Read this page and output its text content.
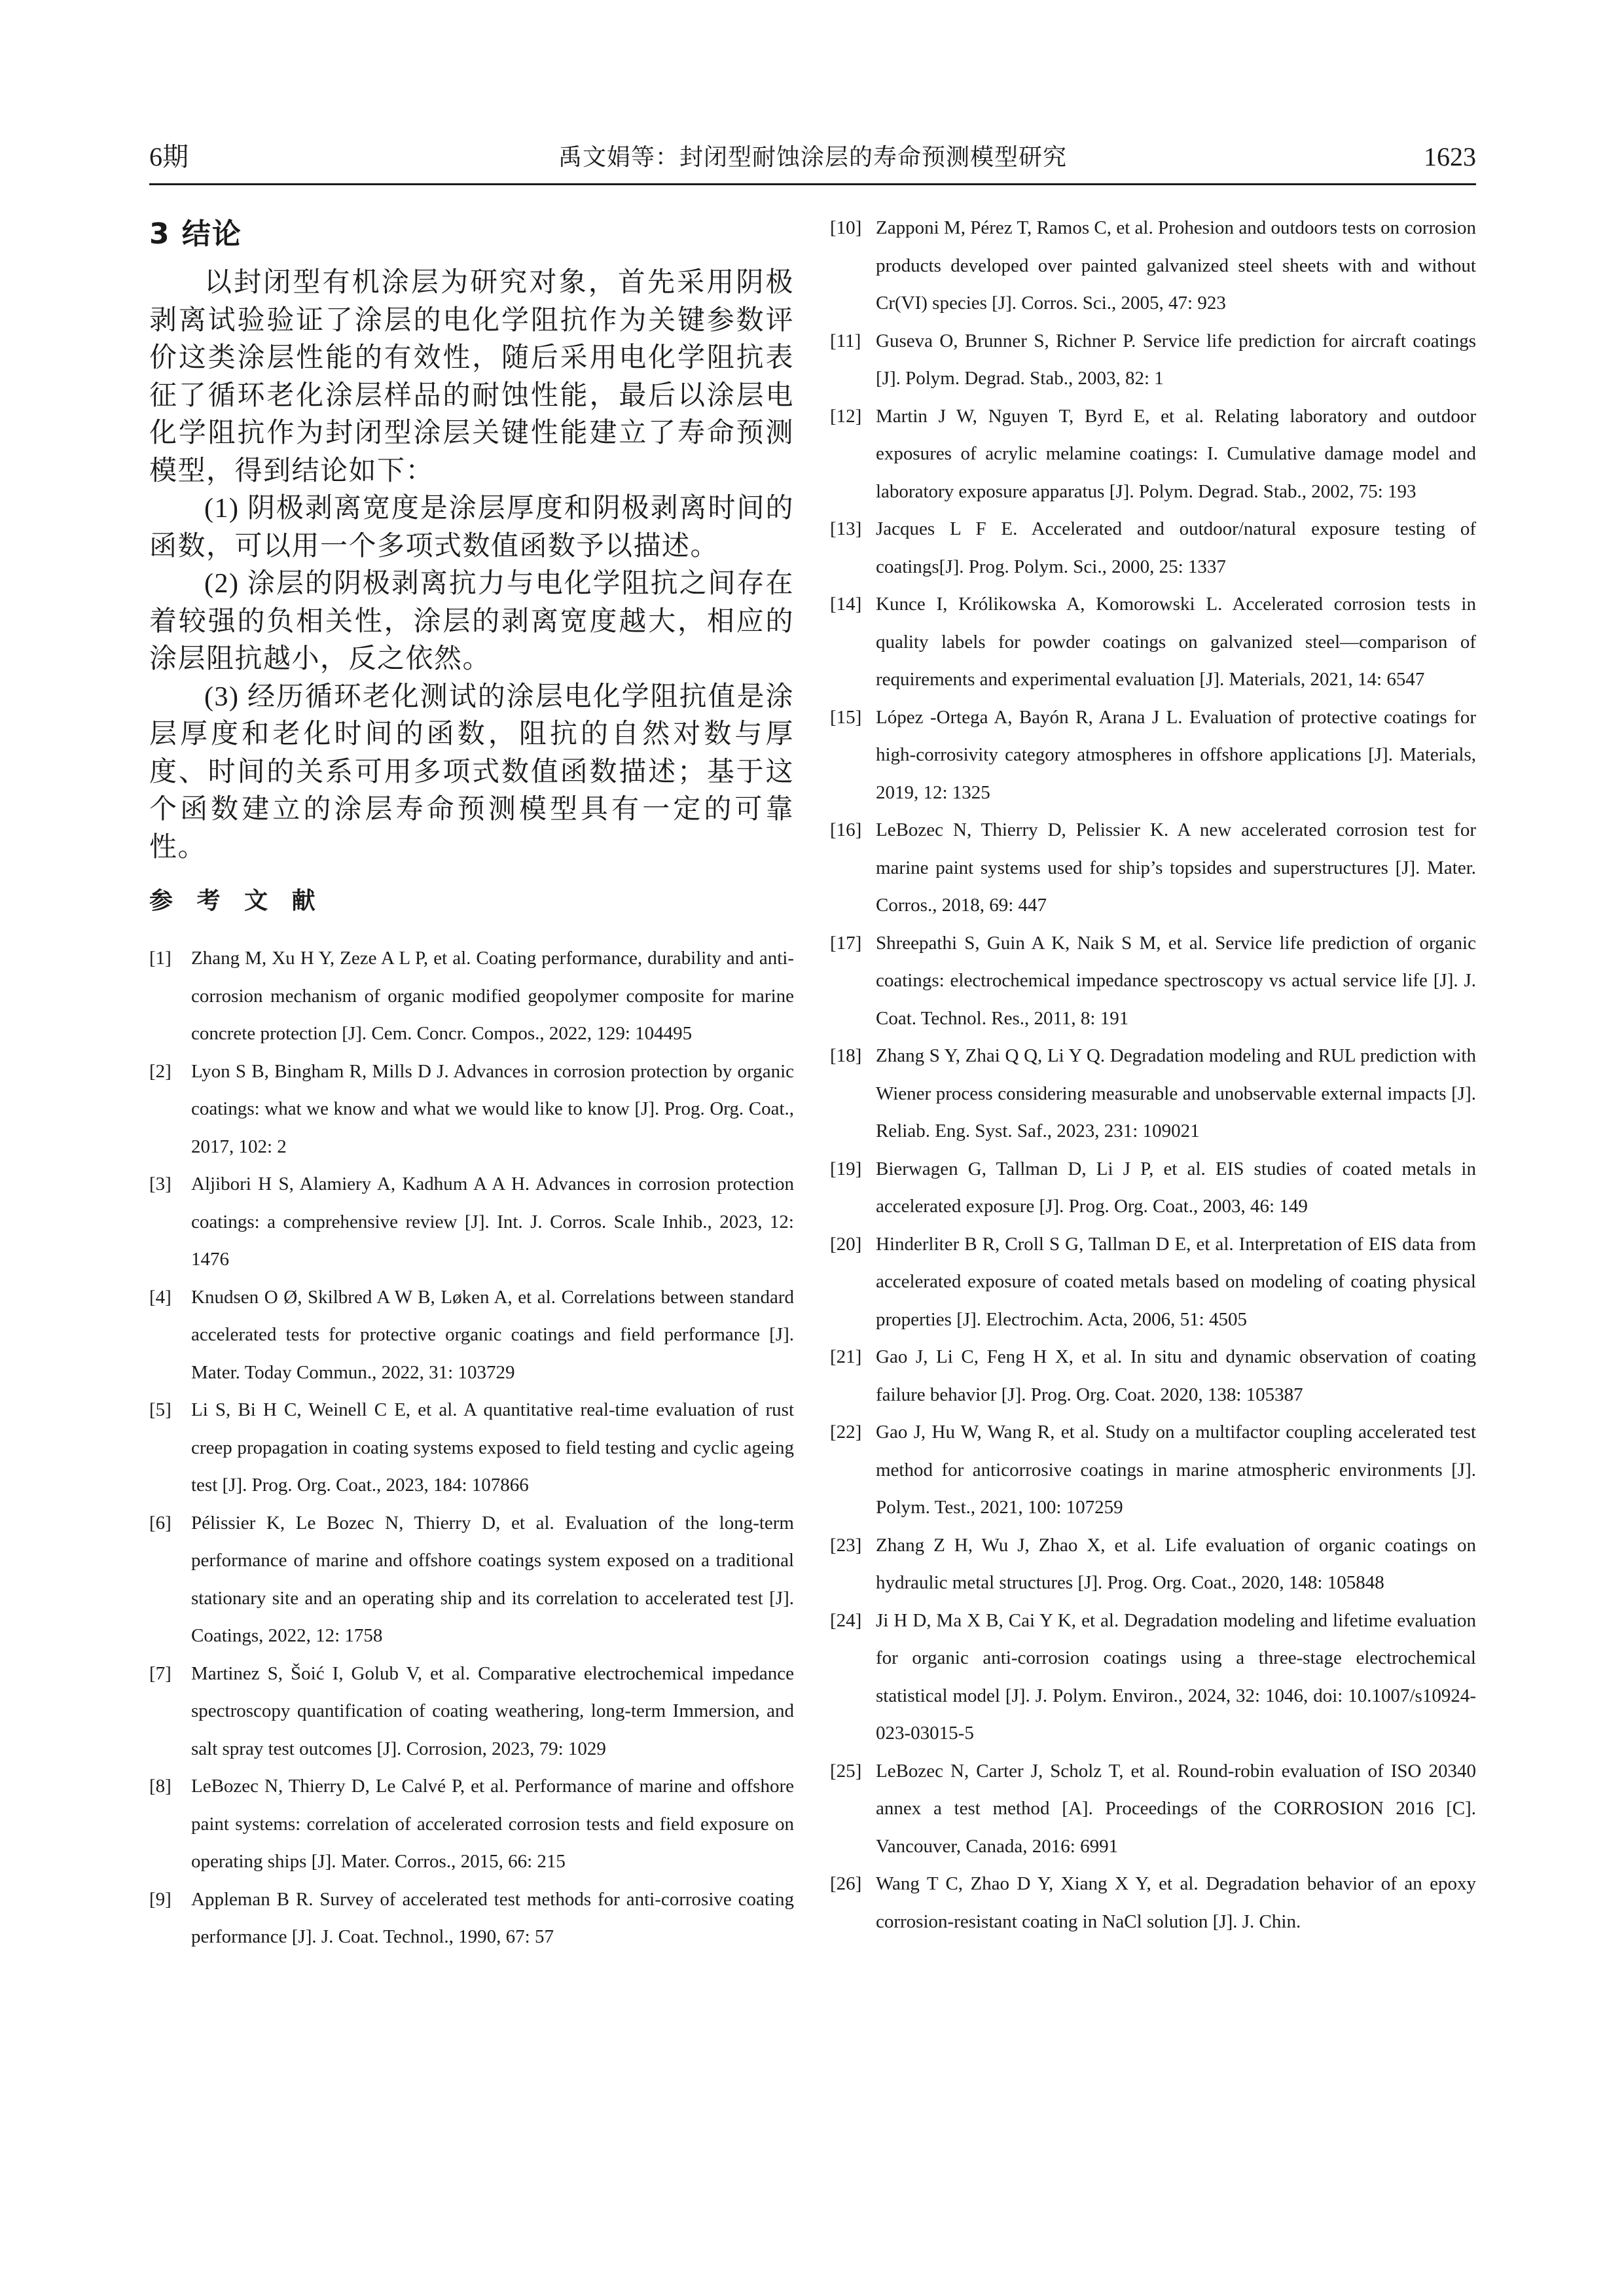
6期	禹文娟等：封闭型耐蚀涂层的寿命预测模型研究	1623
3 结论

以封闭型有机涂层为研究对象，首先采用阴极剥离试验验证了涂层的电化学阻抗作为关键参数评价这类涂层性能的有效性，随后采用电化学阻抗表征了循环老化涂层样品的耐蚀性能，最后以涂层电化学阻抗作为封闭型涂层关键性能建立了寿命预测模型，得到结论如下：

(1) 阴极剥离宽度是涂层厚度和阴极剥离时间的函数，可以用一个多项式数值函数予以描述。

(2) 涂层的阴极剥离抗力与电化学阻抗之间存在着较强的负相关性，涂层的剥离宽度越大，相应的涂层阻抗越小，反之依然。

(3) 经历循环老化测试的涂层电化学阻抗值是涂层厚度和老化时间的函数，阻抗的自然对数与厚度、时间的关系可用多项式数值函数描述；基于这个函数建立的涂层寿命预测模型具有一定的可靠性。

参 考 文 献
[1]	Zhang M, Xu H Y, Zeze A L P, et al. Coating performance, durability and anti-corrosion mechanism of organic modified geopolymer composite for marine concrete protection [J]. Cem. Concr. Compos., 2022, 129: 104495
[2]	Lyon S B, Bingham R, Mills D J. Advances in corrosion protection by organic coatings: what we know and what we would like to know [J]. Prog. Org. Coat., 2017, 102: 2
[3]	Aljibori H S, Alamiery A, Kadhum A A H. Advances in corrosion protection coatings: a comprehensive review [J]. Int. J. Corros. Scale Inhib., 2023, 12: 1476
[4]	Knudsen O Ø, Skilbred A W B, Løken A, et al. Correlations between standard accelerated tests for protective organic coatings and field performance [J]. Mater. Today Commun., 2022, 31: 103729
[5]	Li S, Bi H C, Weinell C E, et al. A quantitative real-time evaluation of rust creep propagation in coating systems exposed to field testing and cyclic ageing test [J]. Prog. Org. Coat., 2023, 184: 107866
[6]	Pélissier K, Le Bozec N, Thierry D, et al. Evaluation of the long-term performance of marine and offshore coatings system exposed on a traditional stationary site and an operating ship and its correlation to accelerated test [J]. Coatings, 2022, 12: 1758
[7]	Martinez S, Šoić I, Golub V, et al. Comparative electrochemical impedance spectroscopy quantification of coating weathering, long-term Immersion, and salt spray test outcomes [J]. Corrosion, 2023, 79: 1029
[8]	LeBozec N, Thierry D, Le Calvé P, et al. Performance of marine and offshore paint systems: correlation of accelerated corrosion tests and field exposure on operating ships [J]. Mater. Corros., 2015, 66: 215
[9]	Appleman B R. Survey of accelerated test methods for anti-corrosive coating performance [J]. J. Coat. Technol., 1990, 67: 57
[10] Zapponi M, Pérez T, Ramos C, et al. Prohesion and outdoors tests on corrosion products developed over painted galvanized steel sheets with and without Cr(VI) species [J]. Corros. Sci., 2005, 47: 923
[11] Guseva O, Brunner S, Richner P. Service life prediction for aircraft coatings [J]. Polym. Degrad. Stab., 2003, 82: 1
[12] Martin J W, Nguyen T, Byrd E, et al. Relating laboratory and outdoor exposures of acrylic melamine coatings: I. Cumulative damage model and laboratory exposure apparatus [J]. Polym. Degrad. Stab., 2002, 75: 193
[13] Jacques L F E. Accelerated and outdoor/natural exposure testing of coatings[J]. Prog. Polym. Sci., 2000, 25: 1337
[14] Kunce I, Królikowska A, Komorowski L. Accelerated corrosion tests in quality labels for powder coatings on galvanized steel—comparison of requirements and experimental evaluation [J]. Materials, 2021, 14: 6547
[15] López -Ortega A, Bayón R, Arana J L. Evaluation of protective coatings for high-corrosivity category atmospheres in offshore applications [J]. Materials, 2019, 12: 1325
[16] LeBozec N, Thierry D, Pelissier K. A new accelerated corrosion test for marine paint systems used for ship’s topsides and superstructures [J]. Mater. Corros., 2018, 69: 447
[17] Shreepathi S, Guin A K, Naik S M, et al. Service life prediction of organic coatings: electrochemical impedance spectroscopy vs actual service life [J]. J. Coat. Technol. Res., 2011, 8: 191
[18] Zhang S Y, Zhai Q Q, Li Y Q. Degradation modeling and RUL prediction with Wiener process considering measurable and unobservable external impacts [J]. Reliab. Eng. Syst. Saf., 2023, 231: 109021
[19] Bierwagen G, Tallman D, Li J P, et al. EIS studies of coated metals in accelerated exposure [J]. Prog. Org. Coat., 2003, 46: 149
[20] Hinderliter B R, Croll S G, Tallman D E, et al. Interpretation of EIS data from accelerated exposure of coated metals based on modeling of coating physical properties [J]. Electrochim. Acta, 2006, 51: 4505
[21] Gao J, Li C, Feng H X, et al. In situ and dynamic observation of coating failure behavior [J]. Prog. Org. Coat. 2020, 138: 105387
[22] Gao J, Hu W, Wang R, et al. Study on a multifactor coupling accelerated test method for anticorrosive coatings in marine atmospheric environments [J]. Polym. Test., 2021, 100: 107259
[23] Zhang Z H, Wu J, Zhao X, et al. Life evaluation of organic coatings on hydraulic metal structures [J]. Prog. Org. Coat., 2020, 148: 105848
[24] Ji H D, Ma X B, Cai Y K, et al. Degradation modeling and lifetime evaluation for organic anti-corrosion coatings using a three-stage electrochemical statistical model [J]. J. Polym. Environ., 2024, 32: 1046, doi: 10.1007/s10924-023-03015-5
[25] LeBozec N, Carter J, Scholz T, et al. Round-robin evaluation of ISO 20340 annex a test method [A]. Proceedings of the CORROSION 2016 [C]. Vancouver, Canada, 2016: 6991
[26] Wang T C, Zhao D Y, Xiang X Y, et al. Degradation behavior of an epoxy corrosion-resistant coating in NaCl solution [J]. J. Chin.
